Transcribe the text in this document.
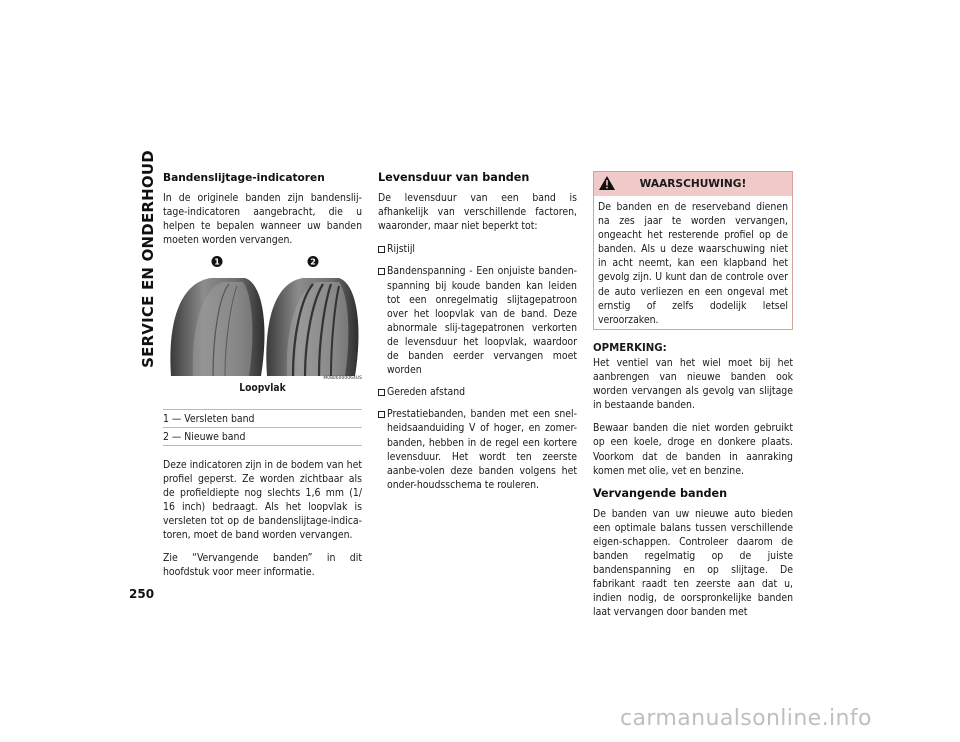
SERVICE EN ONDERHOUD
250
Bandenslijtage-indicatoren

In de originele banden zijn bandenslij-tage-indicatoren aangebracht, die u helpen te bepalen wanneer uw banden moeten worden vervangen.

1	2
M0806000064US
Loopvlak
1 — Versleten band
2 — Nieuwe band

Deze indicatoren zijn in de bodem van het profiel geperst. Ze worden zichtbaar als de profieldiepte nog slechts 1,6 mm (1/ 16 inch) bedraagt. Als het loopvlak is versleten tot op de bandenslijtage-indica-toren, moet de band worden vervangen.

Zie “Vervangende banden” in dit hoofdstuk voor meer informatie.

Levensduur van banden

De levensduur van een band is afhankelijk van verschillende factoren, waaronder, maar niet beperkt tot:

Rijstijl
Bandenspanning - Een onjuiste banden-spanning bij koude banden kan leiden tot een onregelmatig slijtagepatroon over het loopvlak van de band. Deze abnormale slij-tagepatronen verkorten de levensduur het loopvlak, waardoor de banden eerder vervangen moet worden
Gereden afstand
Prestatiebanden, banden met een snel-heidsaanduiding V of hoger, en zomer-banden, hebben in de regel een kortere levensduur. Het wordt ten zeerste aanbe-volen deze banden volgens het onder-houdsschema te rouleren.
WAARSCHUWING!

De banden en de reserveband dienen na zes jaar te worden vervangen, ongeacht het resterende profiel op de banden. Als u deze waarschuwing niet in acht neemt, kan een klapband het gevolg zijn. U kunt dan de controle over de auto verliezen en een ongeval met ernstig of zelfs dodelijk letsel veroorzaken.

OPMERKING:

Het ventiel van het wiel moet bij het aanbrengen van nieuwe banden ook worden vervangen als gevolg van slijtage in bestaande banden.

Bewaar banden die niet worden gebruikt op een koele, droge en donkere plaats. Voorkom dat de banden in aanraking komen met olie, vet en benzine.

Vervangende banden

De banden van uw nieuwe auto bieden een optimale balans tussen verschillende eigen-schappen. Controleer daarom de banden regelmatig op de juiste bandenspanning en op slijtage. De fabrikant raadt ten zeerste aan dat u, indien nodig, de oorspronkelijke banden laat vervangen door banden met

carmanualsonline.info
